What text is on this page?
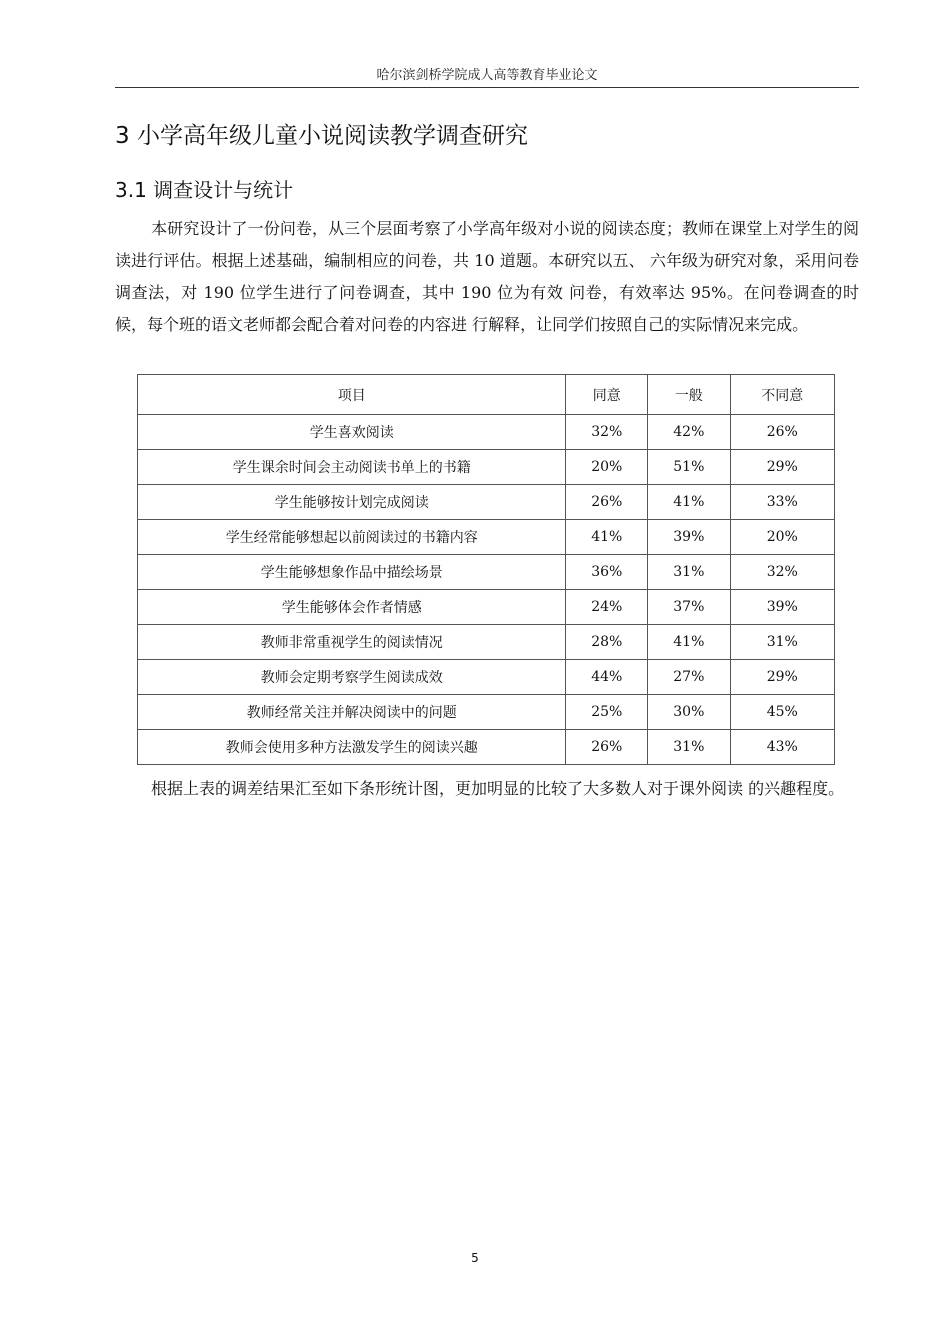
哈尔滨剑桥学院成人高等教育毕业论文
3 小学高年级儿童小说阅读教学调查研究
3.1 调查设计与统计
本研究设计了一份问卷，从三个层面考察了小学高年级对小说的阅读态度；教师在课堂上对学生的阅读进行评估。根据上述基础，编制相应的问卷，共 10 道题。本研究以五、 六年级为研究对象，采用问卷调查法，对 190 位学生进行了问卷调查，其中 190 位为有效 问卷，有效率达 95%。在问卷调查的时候，每个班的语文老师都会配合着对问卷的内容进 行解释，让同学们按照自己的实际情况来完成。
项目	同意	一般	不同意
学生喜欢阅读	32%	42%	26%
学生课余时间会主动阅读书单上的书籍	20%	51%	29%
学生能够按计划完成阅读	26%	41%	33%
学生经常能够想起以前阅读过的书籍内容	41%	39%	20%
学生能够想象作品中描绘场景	36%	31%	32%
学生能够体会作者情感	24%	37%	39%
教师非常重视学生的阅读情况	28%	41%	31%
教师会定期考察学生阅读成效	44%	27%	29%
教师经常关注并解决阅读中的问题	25%	30%	45%
教师会使用多种方法激发学生的阅读兴趣	26%	31%	43%
根据上表的调差结果汇至如下条形统计图，更加明显的比较了大多数人对于课外阅读 的兴趣程度。
5
